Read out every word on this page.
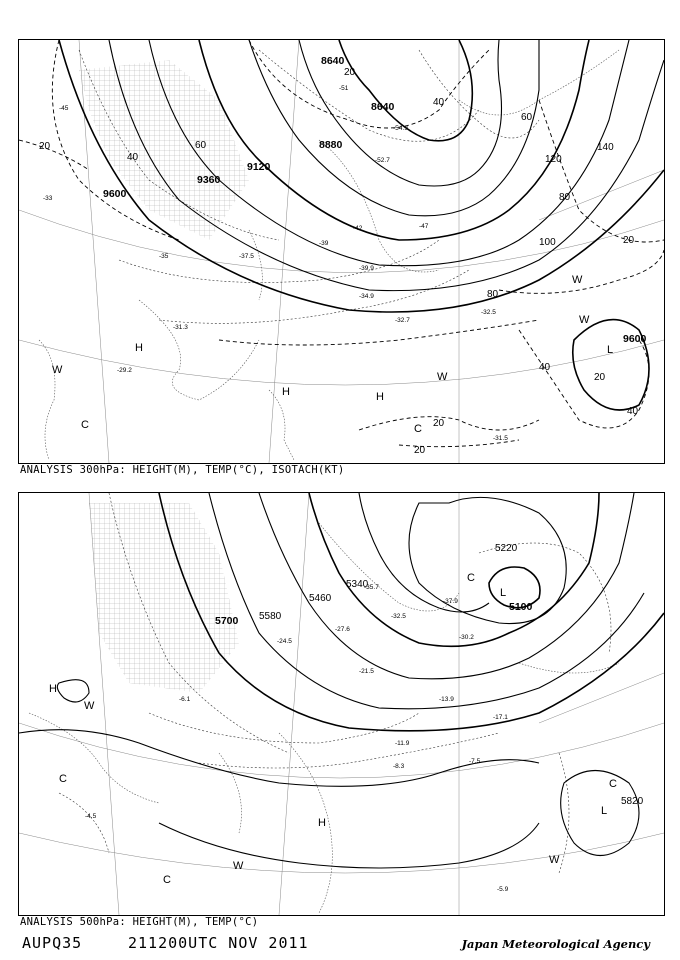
9600
9360
9120
8880
8640
8640
9600
20
40
60
80
100
120
140
40
20
20
20
20
40
60
80
40
20
-33
-35	-37.5
-39
-42
-45
-47
-51
-54.9
-52.7
-39.9
-34.9
-32.7
-32.5
-31.3
-31.5
-29.2
H
H	H
L
W
W
W
C	C
W
ANALYSIS 300hPa: HEIGHT(M), TEMP(°C), ISOTACH(KT)
5700 5580
5460
5340
5220
5100
5820
-35.7
-37.9
-32.5
-30.2
-27.6
-24.5
-21.5
-17.1
-13.9
-11.9
-8.3
-7.5
-6.1
-5.9
-4.5
H
H
L
L
W
W	W
C
C
C
C
ANALYSIS 500hPa: HEIGHT(M), TEMP(°C)
AUPQ35	211200UTC NOV 2011	Japan Meteorological Agency
